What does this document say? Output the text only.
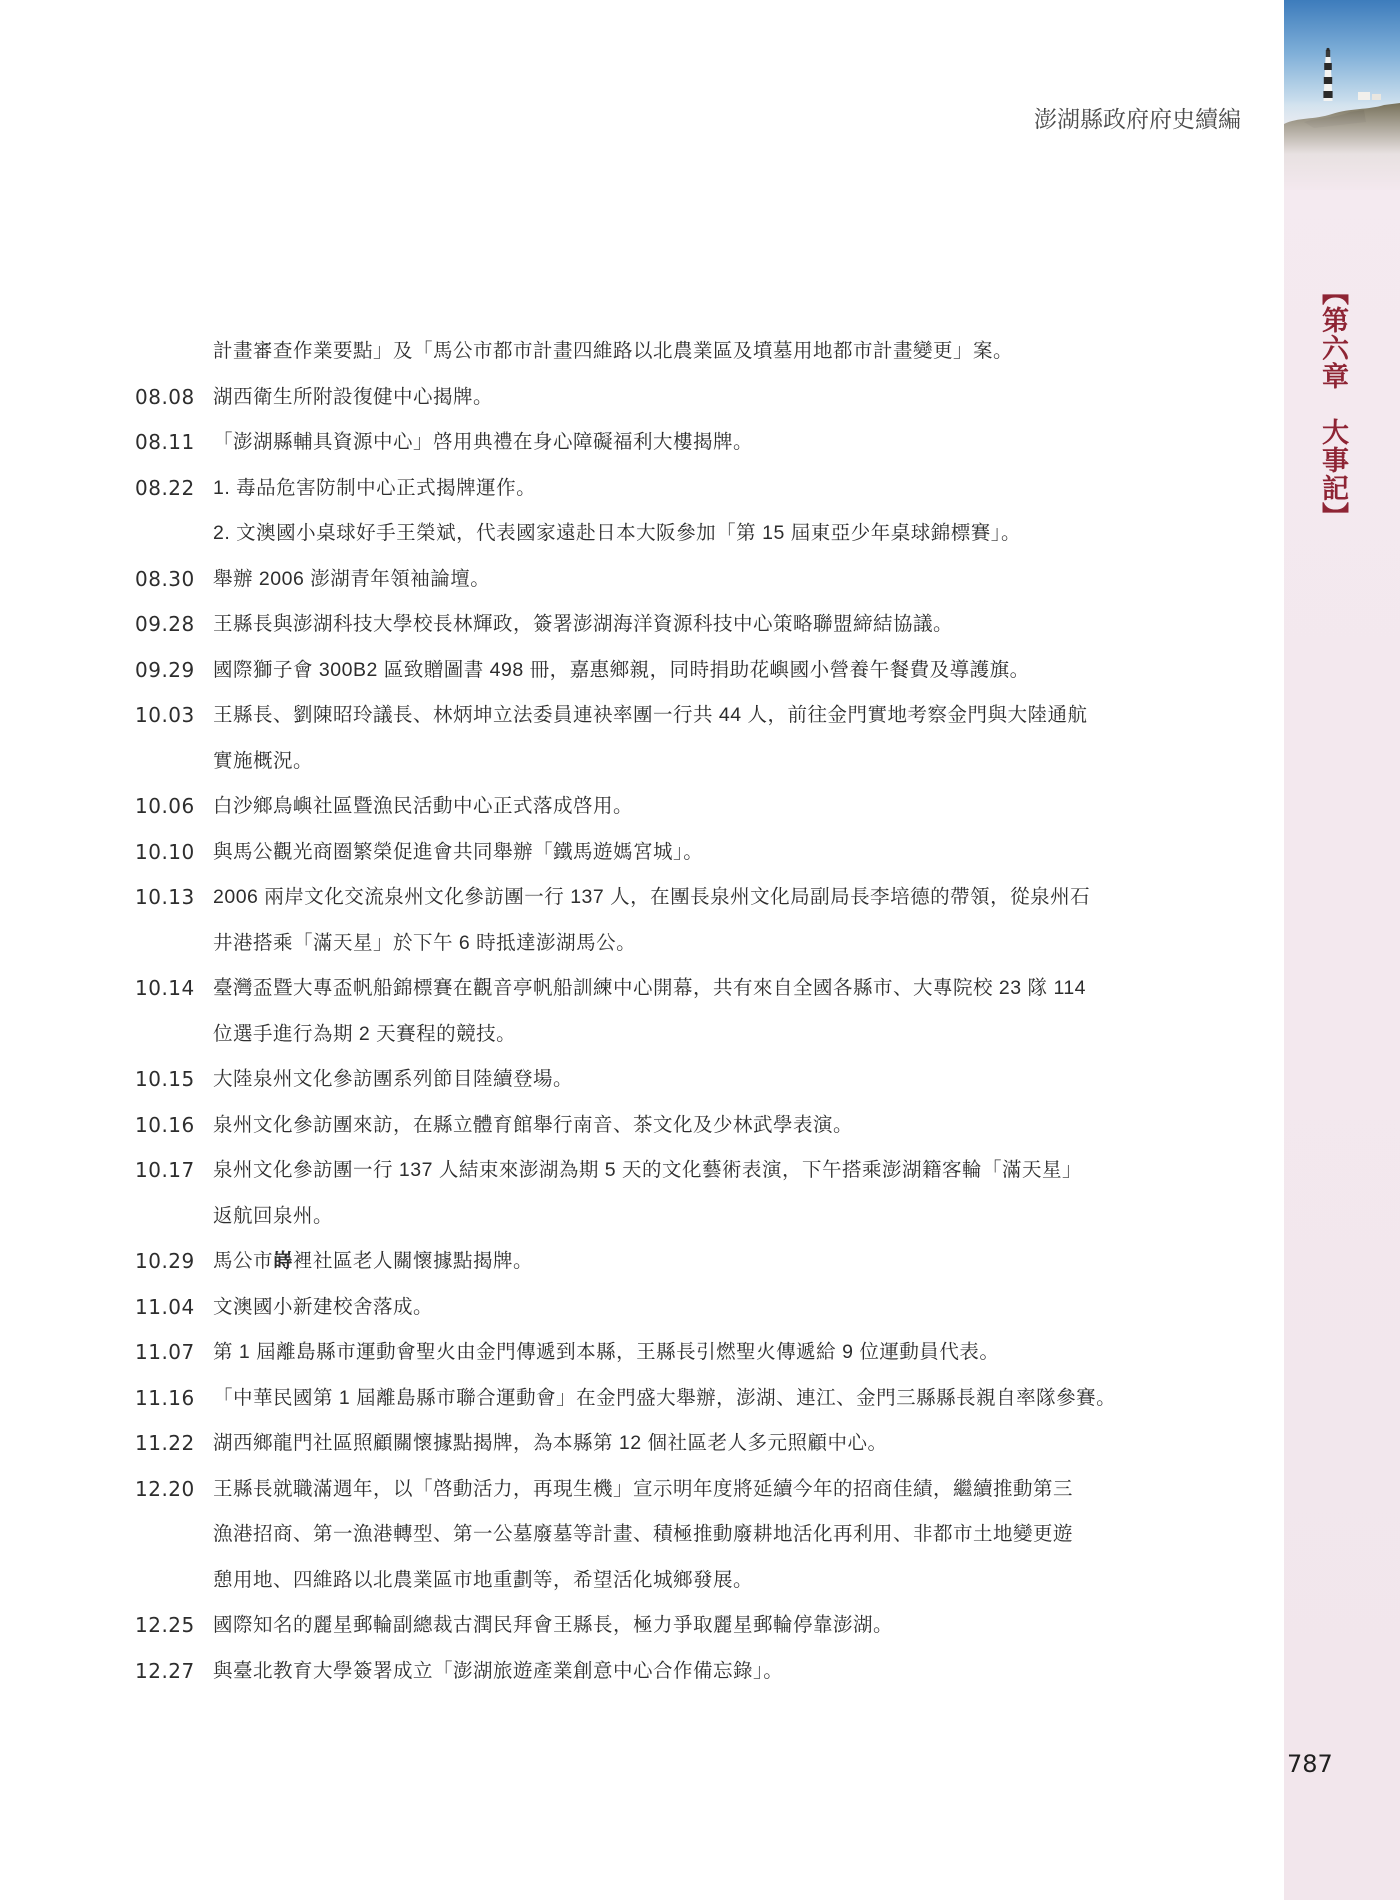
澎湖縣政府府史續編
【第六章　大事記】
787
計畫審查作業要點」及「馬公市都市計畫四維路以北農業區及墳墓用地都市計畫變更」案。
08.08 湖西衛生所附設復健中心揭牌。
08.11 「澎湖縣輔具資源中心」啓用典禮在身心障礙福利大樓揭牌。
08.22 1. 毒品危害防制中心正式揭牌運作。
2. 文澳國小桌球好手王榮斌，代表國家遠赴日本大阪參加「第 15 屆東亞少年桌球錦標賽」。
08.30 舉辦 2006 澎湖青年領袖論壇。
09.28 王縣長與澎湖科技大學校長林輝政，簽署澎湖海洋資源科技中心策略聯盟締結協議。
09.29 國際獅子會 300B2 區致贈圖書 498 冊，嘉惠鄉親，同時捐助花嶼國小營養午餐費及導護旗。
10.03 王縣長、劉陳昭玲議長、林炳坤立法委員連袂率團一行共 44 人，前往金門實地考察金門與大陸通航
實施概況。
10.06 白沙鄉鳥嶼社區暨漁民活動中心正式落成啓用。
10.10 與馬公觀光商圈繁榮促進會共同舉辦「鐵馬遊媽宮城」。
10.13 2006 兩岸文化交流泉州文化參訪團一行 137 人，在團長泉州文化局副局長李培德的帶領，從泉州石
井港搭乘「滿天星」於下午 6 時抵達澎湖馬公。
10.14 臺灣盃暨大專盃帆船錦標賽在觀音亭帆船訓練中心開幕，共有來自全國各縣市、大專院校 23 隊 114
位選手進行為期 2 天賽程的競技。
10.15 大陸泉州文化參訪團系列節目陸續登場。
10.16 泉州文化參訪團來訪，在縣立體育館舉行南音、茶文化及少林武學表演。
10.17 泉州文化參訪團一行 137 人結束來澎湖為期 5 天的文化藝術表演，下午搭乘澎湖籍客輪「滿天星」
返航回泉州。
10.29 馬公市嵵裡社區老人關懷據點揭牌。
11.04 文澳國小新建校舍落成。
11.07 第 1 屆離島縣市運動會聖火由金門傳遞到本縣，王縣長引燃聖火傳遞給 9 位運動員代表。
11.16 「中華民國第 1 屆離島縣市聯合運動會」在金門盛大舉辦，澎湖、連江、金門三縣縣長親自率隊參賽。
11.22 湖西鄉龍門社區照顧關懷據點揭牌，為本縣第 12 個社區老人多元照顧中心。
12.20 王縣長就職滿週年，以「啓動活力，再現生機」宣示明年度將延續今年的招商佳績，繼續推動第三
漁港招商、第一漁港轉型、第一公墓廢墓等計畫、積極推動廢耕地活化再利用、非都市土地變更遊
憩用地、四維路以北農業區市地重劃等，希望活化城鄉發展。
12.25 國際知名的麗星郵輪副總裁古潤民拜會王縣長，極力爭取麗星郵輪停靠澎湖。
12.27 與臺北教育大學簽署成立「澎湖旅遊產業創意中心合作備忘錄」。
